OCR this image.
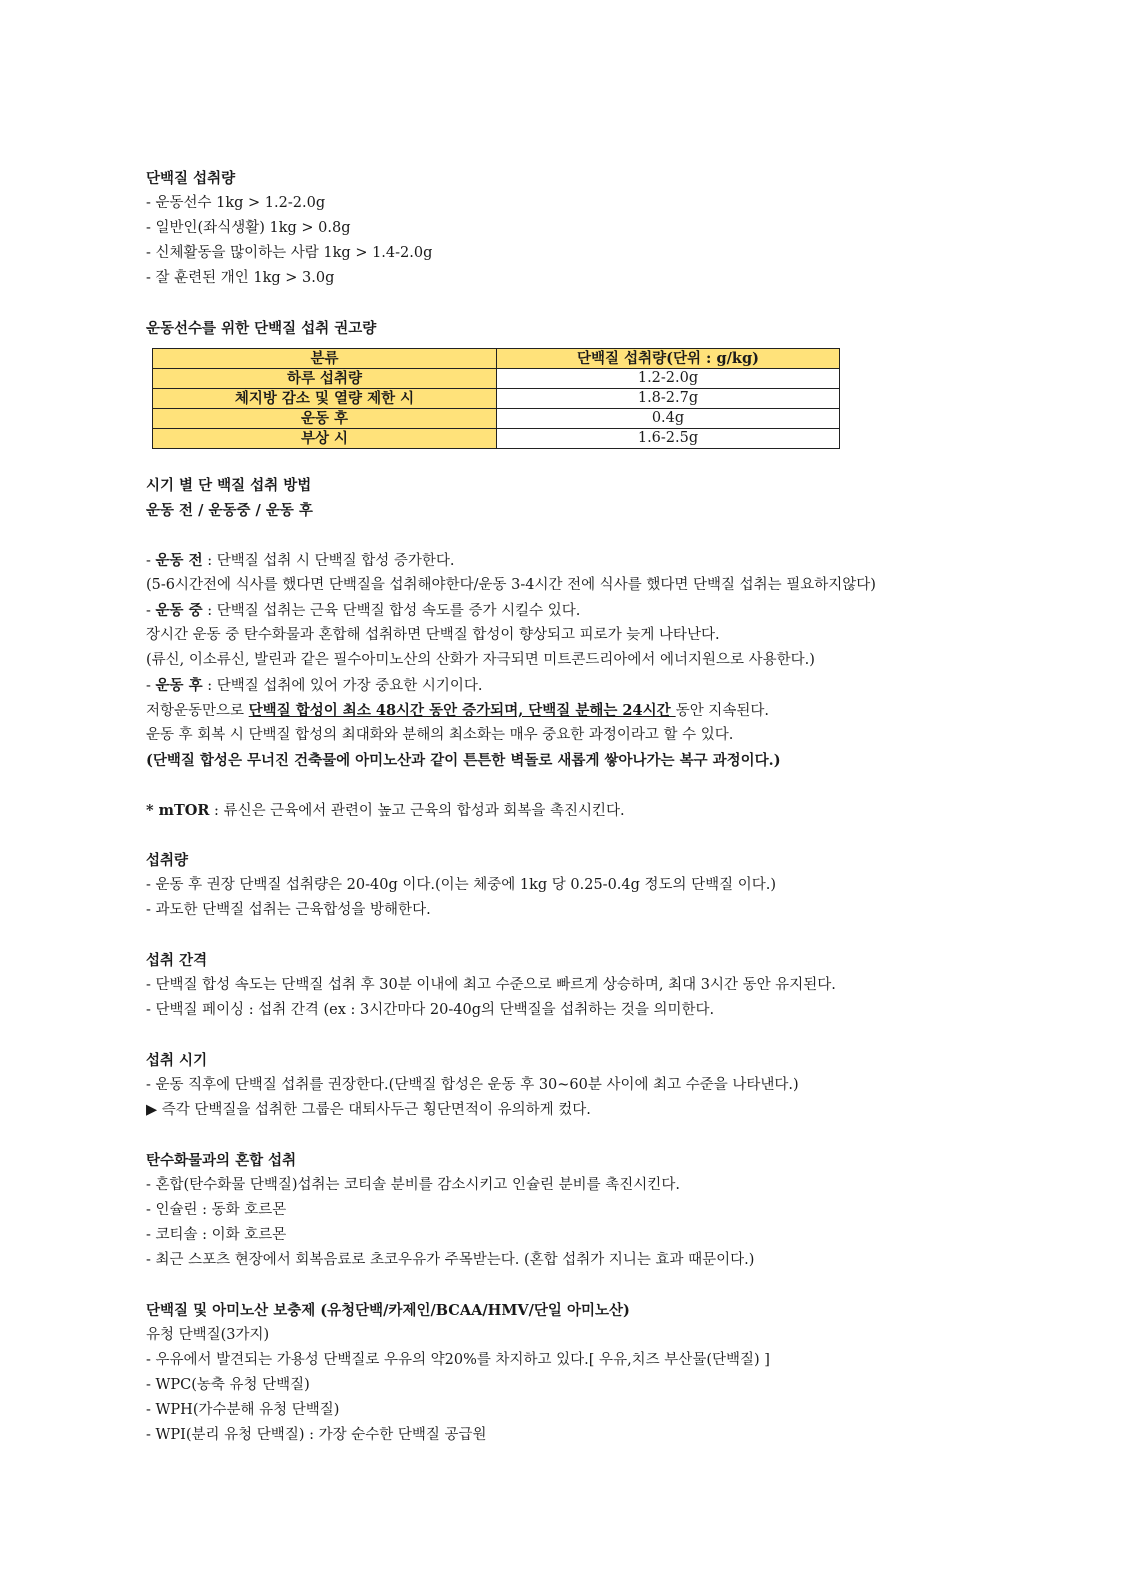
단백질 섭취량
- 운동선수 1kg > 1.2-2.0g
- 일반인(좌식생활) 1kg > 0.8g
- 신체활동을 많이하는 사람 1kg > 1.4-2.0g
- 잘 훈련된 개인 1kg > 3.0g
운동선수를 위한 단백질 섭취 권고량
분류	단백질 섭취량(단위 : g/kg)
하루 섭취량	1.2-2.0g
체지방 감소 및 열량 제한 시	1.8-2.7g
운동 후	0.4g
부상 시	1.6-2.5g
시기 별 단 백질 섭취 방법
운동 전 / 운동중 / 운동 후
- 운동 전 : 단백질 섭취 시 단백질 합성 증가한다.
(5-6시간전에 식사를 했다면 단백질을 섭취해야한다/운동 3-4시간 전에 식사를 했다면 단백질 섭취는 필요하지않다)
- 운동 중 : 단백질 섭취는 근육 단백질 합성 속도를 증가 시킬수 있다.
장시간 운동 중 탄수화물과 혼합해 섭취하면 단백질 합성이 향상되고 피로가 늦게 나타난다.
(류신, 이소류신, 발린과 같은 필수아미노산의 산화가 자극되면 미트콘드리아에서 에너지원으로 사용한다.)
- 운동 후 : 단백질 섭취에 있어 가장 중요한 시기이다.
저항운동만으로 단백질 합성이 최소 48시간 동안 증가되며, 단백질 분해는 24시간 동안 지속된다.
운동 후 회복 시 단백질 합성의 최대화와 분해의 최소화는 매우 중요한 과정이라고 할 수 있다.
(단백질 합성은 무너진 건축물에 아미노산과 같이 튼튼한 벽돌로 새롭게 쌓아나가는 복구 과정이다.)
* mTOR : 류신은 근육에서 관련이 높고 근육의 합성과 회복을 촉진시킨다.
섭취량
- 운동 후 권장 단백질 섭취량은 20-40g 이다.(이는 체중에 1kg 당 0.25-0.4g 정도의 단백질 이다.)
- 과도한 단백질 섭취는 근육합성을 방해한다.
섭취 간격
- 단백질 합성 속도는 단백질 섭취 후 30분 이내에 최고 수준으로 빠르게 상승하며, 최대 3시간 동안 유지된다.
- 단백질 페이싱 : 섭취 간격 (ex : 3시간마다 20-40g의 단백질을 섭취하는 것을 의미한다.
섭취 시기
- 운동 직후에 단백질 섭취를 권장한다.(단백질 합성은 운동 후 30~60분 사이에 최고 수준을 나타낸다.)
▶ 즉각 단백질을 섭취한 그룹은 대퇴사두근 횡단면적이 유의하게 컸다.
탄수화물과의 혼합 섭취
- 혼합(탄수화물 단백질)섭취는 코티솔 분비를 감소시키고 인슐린 분비를 촉진시킨다.
- 인슐린 : 동화 호르몬
- 코티솔 : 이화 호르몬
- 최근 스포츠 현장에서 회복음료로 초코우유가 주목받는다. (혼합 섭취가 지니는 효과 때문이다.)
단백질 및 아미노산 보충제 (유청단백/카제인/BCAA/HMV/단일 아미노산)
유청 단백질(3가지)
- 우유에서 발견되는 가용성 단백질로 우유의 약20%를 차지하고 있다.[ 우유,치즈 부산물(단백질) ]
- WPC(농축 유청 단백질)
- WPH(가수분해 유청 단백질)
- WPI(분리 유청 단백질) : 가장 순수한 단백질 공급원
